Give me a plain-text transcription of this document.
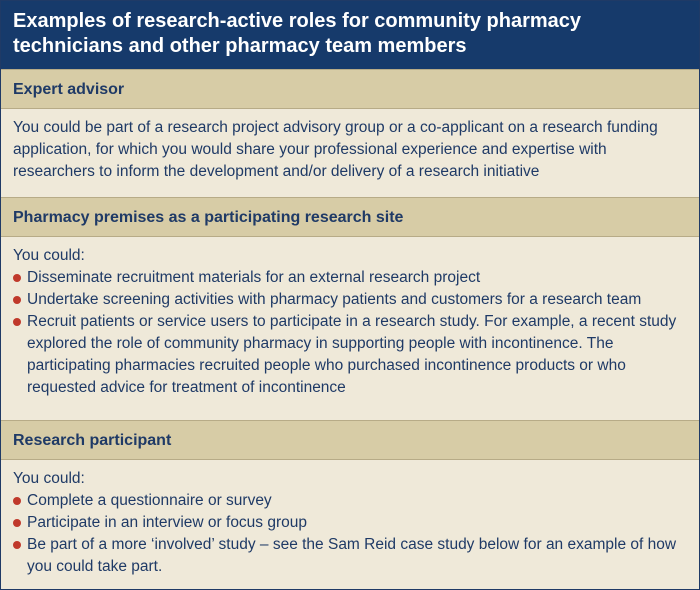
Examples of research-active roles for community pharmacy technicians and other pharmacy team members
Expert advisor

You could be part of a research project advisory group or a co-applicant on a research funding application, for which you would share your professional experience and expertise with researchers to inform the development and/or delivery of a research initiative

Pharmacy premises as a participating research site

You could:

Disseminate recruitment materials for an external research project
Undertake screening activities with pharmacy patients and customers for a research team
Recruit patients or service users to participate in a research study. For example, a recent study explored the role of community pharmacy in supporting people with incontinence. The participating pharmacies recruited people who purchased incontinence products or who requested advice for treatment of incontinence
Research participant

You could:

Complete a questionnaire or survey
Participate in an interview or focus group
Be part of a more ‘involved’ study – see the Sam Reid case study below for an example of how you could take part.
